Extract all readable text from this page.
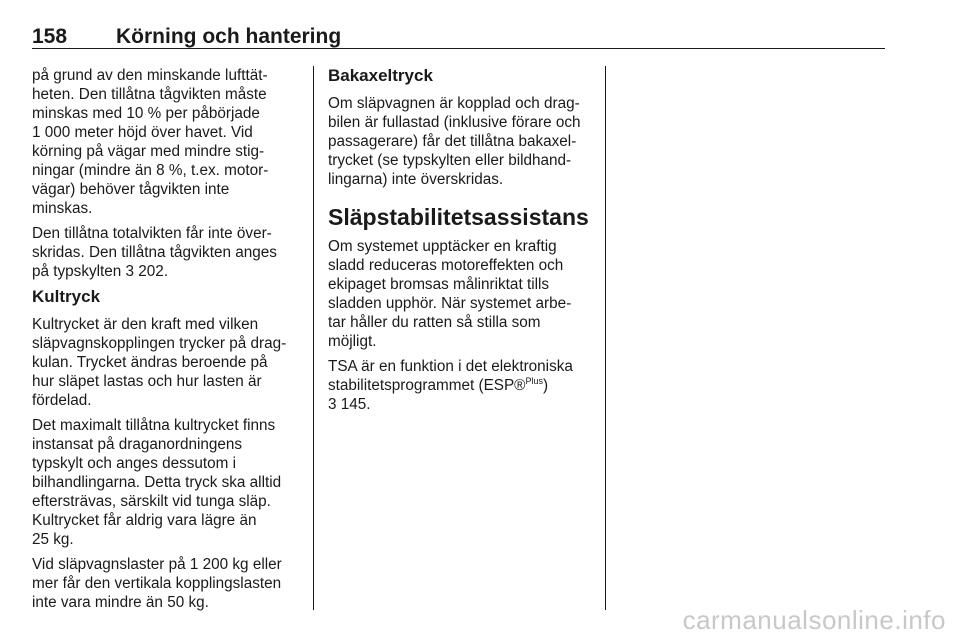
158 Körning och hantering

på grund av den minskande lufttät-
heten. Den tillåtna tågvikten måste
minskas med 10 % per påbörjade
1 000 meter höjd över havet. Vid
körning på vägar med mindre stig-
ningar (mindre än 8 %, t.ex. motor-
vägar) behöver tågvikten inte
minskas.

Den tillåtna totalvikten får inte över-
skridas. Den tillåtna tågvikten anges
på typskylten 3 202.

Kultryck

Kultrycket är den kraft med vilken
släpvagnskopplingen trycker på drag-
kulan. Trycket ändras beroende på
hur släpet lastas och hur lasten är
fördelad.

Det maximalt tillåtna kultrycket finns
instansat på draganordningens
typskylt och anges dessutom i
bilhandlingarna. Detta tryck ska alltid
eftersträvas, särskilt vid tunga släp.
Kultrycket får aldrig vara lägre än
25 kg.

Vid släpvagnslaster på 1 200 kg eller
mer får den vertikala kopplingslasten
inte vara mindre än 50 kg.

Bakaxeltryck

Om släpvagnen är kopplad och drag-
bilen är fullastad (inklusive förare och
passagerare) får det tillåtna bakaxel-
trycket (se typskylten eller bildhand-
lingarna) inte överskridas.

Släpstabilitetsassistans

Om systemet upptäcker en kraftig
sladd reduceras motoreffekten och
ekipaget bromsas målinriktat tills
sladden upphör. När systemet arbe-
tar håller du ratten så stilla som
möjligt.

TSA är en funktion i det elektroniska
stabilitetsprogrammet (ESP®$^{Plus}$)
3 145.

carmanualsonline.info
